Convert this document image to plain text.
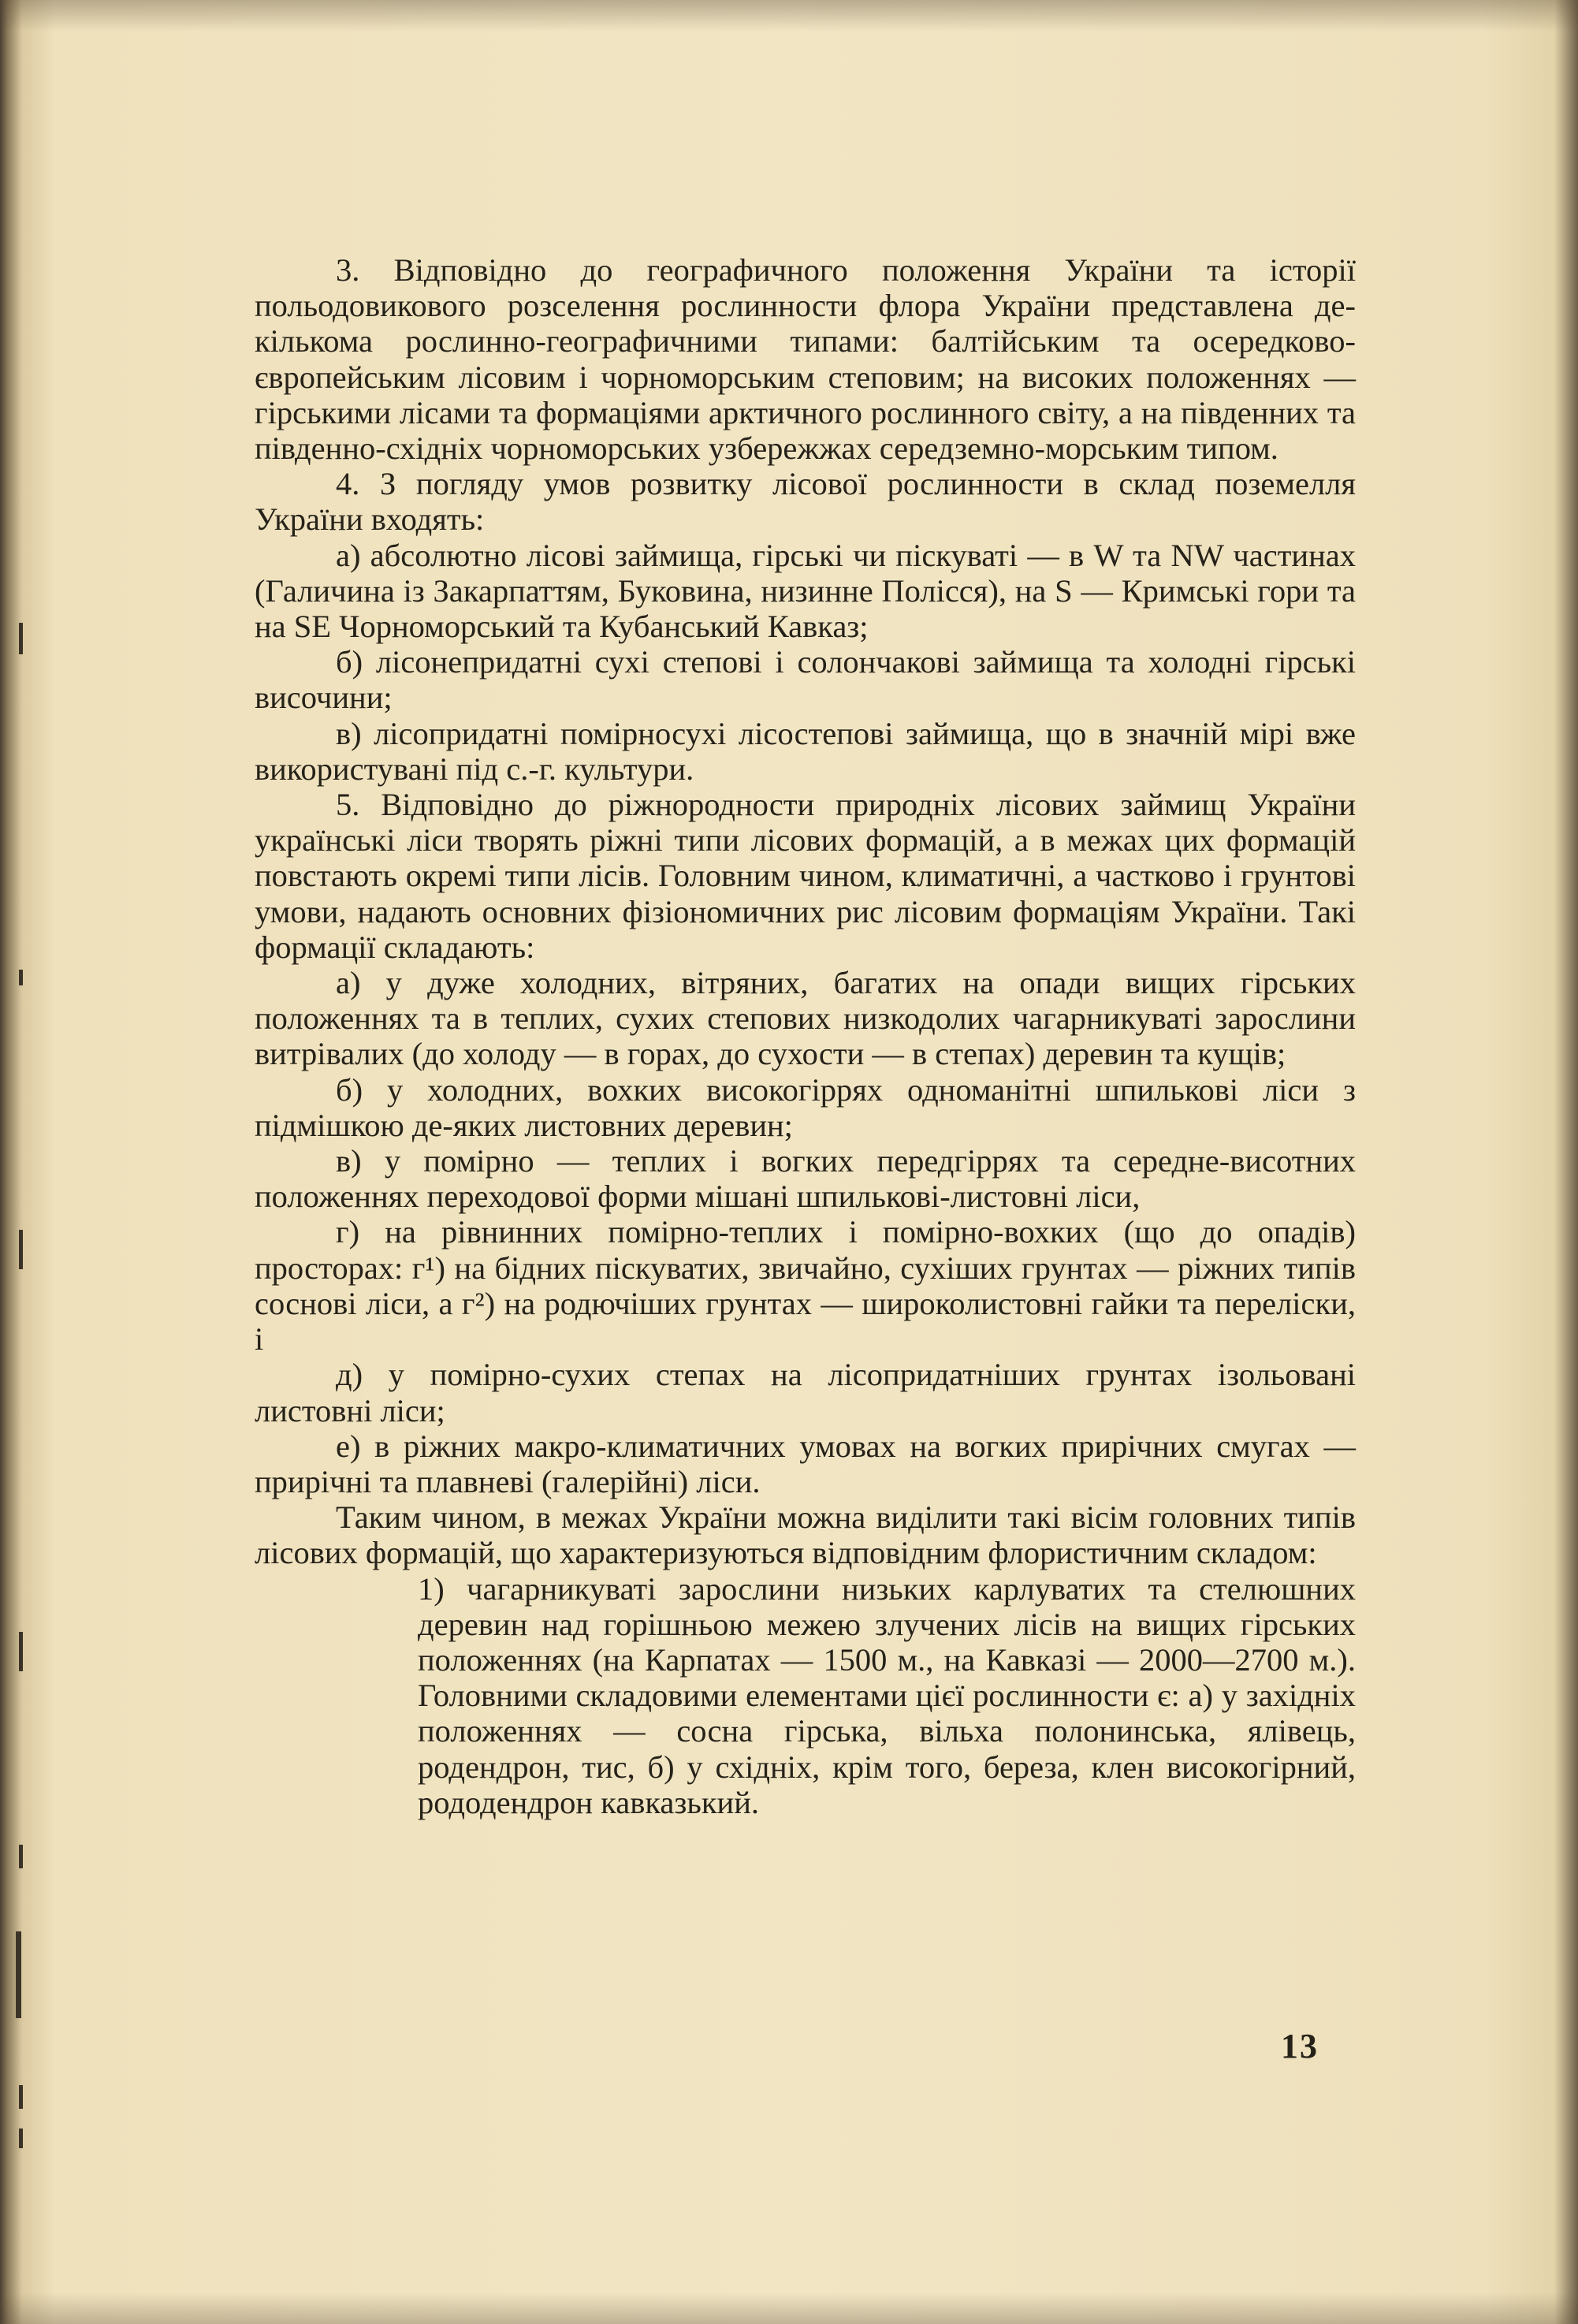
3. Відповідно до географичного положення України та історії польодовикового розселення рослинности флора України представлена де-кількома рослинно-географичними типами: балтійським та осередково-європейським лісовим і чорноморським степовим; на високих положеннях — гірськими лісами та формаціями арктичного рослинного світу, а на південних та південно-східніх чорноморських узбережжах середземно-морським типом.

4. З погляду умов розвитку лісової рослинности в склад поземелля України входять:

а) абсолютно лісові займища, гірські чи піскуваті — в W та NW частинах (Галичина із Закарпаттям, Буковина, низинне Полісся), на S — Кримські гори та на SE Чорноморський та Кубанський Кавказ;

б) лісонепридатні сухі степові і солончакові займища та холодні гірські височини;

в) лісопридатні помірносухі лісостепові займища, що в значній мірі вже використувані під с.-г. культури.

5. Відповідно до ріжнородности природніх лісових займищ України українські ліси творять ріжні типи лісових формацій, а в межах цих формацій повстають окремі типи лісів. Головним чином, климатичні, а частково і грунтові умови, надають основних фізіономичних рис лісовим формаціям України. Такі формації складають:

а) у дуже холодних, вітряних, багатих на опади вищих гірських положеннях та в теплих, сухих степових низкодолих чагарникуваті зарослини витрівалих (до холоду — в горах, до сухости — в степах) деревин та кущів;

б) у холодних, вохких високогіррях одноманітні шпилькові ліси з підмішкою де-яких листовних деревин;

в) у помірно — теплих і вогких передгіррях та середне-висотних положеннях переходової форми мішані шпилькові-листовні ліси,

г) на рівнинних помірно-теплих і помірно-вохких (що до опадів) просторах: г¹) на бідних піскуватих, звичайно, сухіших грунтах — ріжних типів соснові ліси, а г²) на родючіших грунтах — широколистовні гайки та переліски, і

д) у помірно-сухих степах на лісопридатніших грунтах ізольовані листовні ліси;

е) в ріжних макро-климатичних умовах на вогких прирічних смугах — прирічні та плавневі (галерійні) ліси.

Таким чином, в межах України можна виділити такі вісім головних типів лісових формацій, що характеризуються відповідним флористичним складом:

1) чагарникуваті зарослини низьких карлуватих та стелюшних деревин над горішньою межею злучених лісів на вищих гірських положеннях (на Карпатах — 1500 м., на Кавказі — 2000—2700 м.). Головними складовими елементами цієї рослинности є: а) у західніх положеннях — сосна гірська, вільха полонинська, ялівець, родендрон, тис, б) у східніх, крім того, береза, клен високогірний, рододендрон кавказький.

13
